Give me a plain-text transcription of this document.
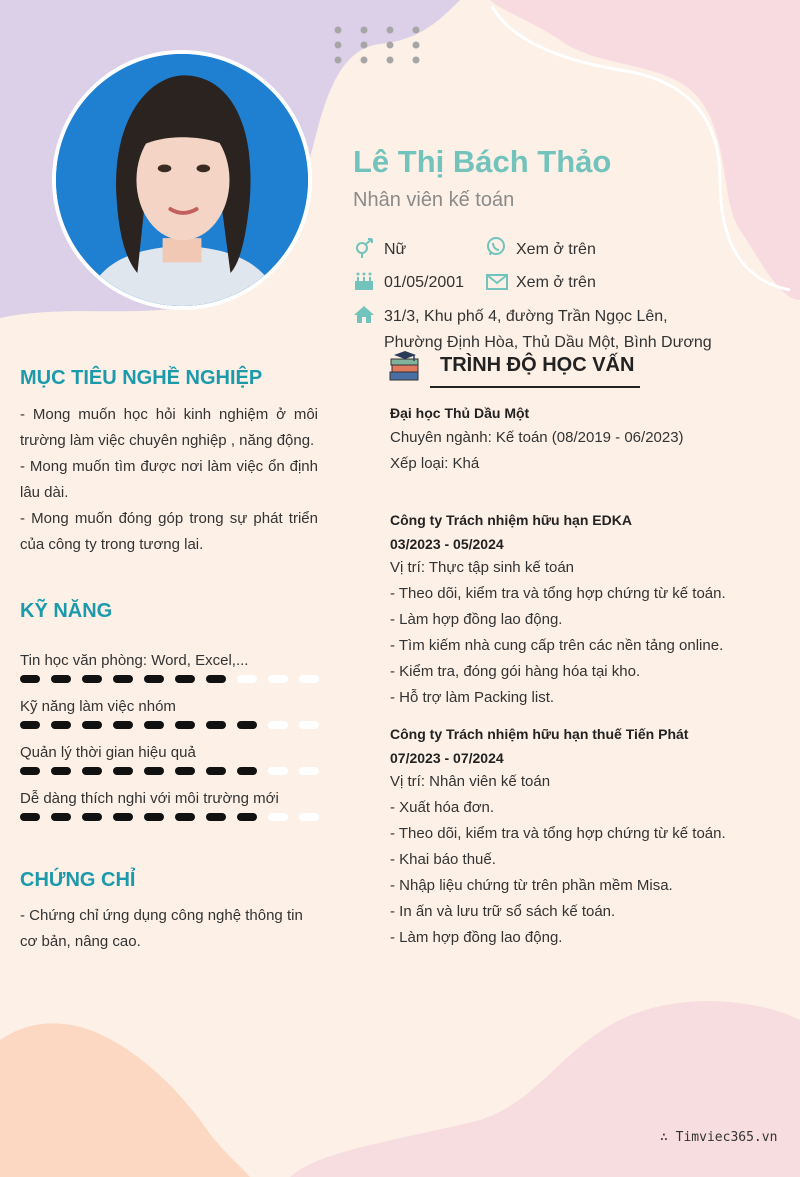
Lê Thị Bách Thảo
Nhân viên kế toán
Nữ	Xem ở trên
01/05/2001	Xem ở trên
31/3, Khu phố 4, đường Trần Ngọc Lên,
Phường Định Hòa, Thủ Dầu Một, Bình Dương
MỤC TIÊU NGHỀ NGHIỆP
- Mong muốn học hỏi kinh nghiệm ở môi trường làm việc chuyên nghiệp , năng động.
- Mong muốn tìm được nơi làm việc ổn định lâu dài.
- Mong muốn đóng góp trong sự phát triển của công ty trong tương lai.
KỸ NĂNG
Tin học văn phòng: Word, Excel,...
Kỹ năng làm việc nhóm
Quản lý thời gian hiệu quả
Dễ dàng thích nghi với môi trường mới
CHỨNG CHỈ
- Chứng chỉ ứng dụng công nghệ thông tin cơ bản, nâng cao.
TRÌNH ĐỘ HỌC VẤN
Đại học Thủ Dầu Một
Chuyên ngành: Kế toán (08/2019 - 06/2023)
Xếp loại: Khá
Công ty Trách nhiệm hữu hạn EDKA
03/2023 - 05/2024
Vị trí: Thực tập sinh kế toán
- Theo dõi, kiểm tra và tổng hợp chứng từ kế toán.
- Làm hợp đồng lao động.
- Tìm kiếm nhà cung cấp trên các nền tảng online.
- Kiểm tra, đóng gói hàng hóa tại kho.
- Hỗ trợ làm Packing list.
Công ty Trách nhiệm hữu hạn thuế Tiến Phát
07/2023 - 07/2024
Vị trí: Nhân viên kế toán
- Xuất hóa đơn.
- Theo dõi, kiểm tra và tổng hợp chứng từ kế toán.
- Khai báo thuế.
- Nhập liệu chứng từ trên phần mềm Misa.
- In ấn và lưu trữ sổ sách kế toán.
- Làm hợp đồng lao động.
∴ Timviec365.vn
